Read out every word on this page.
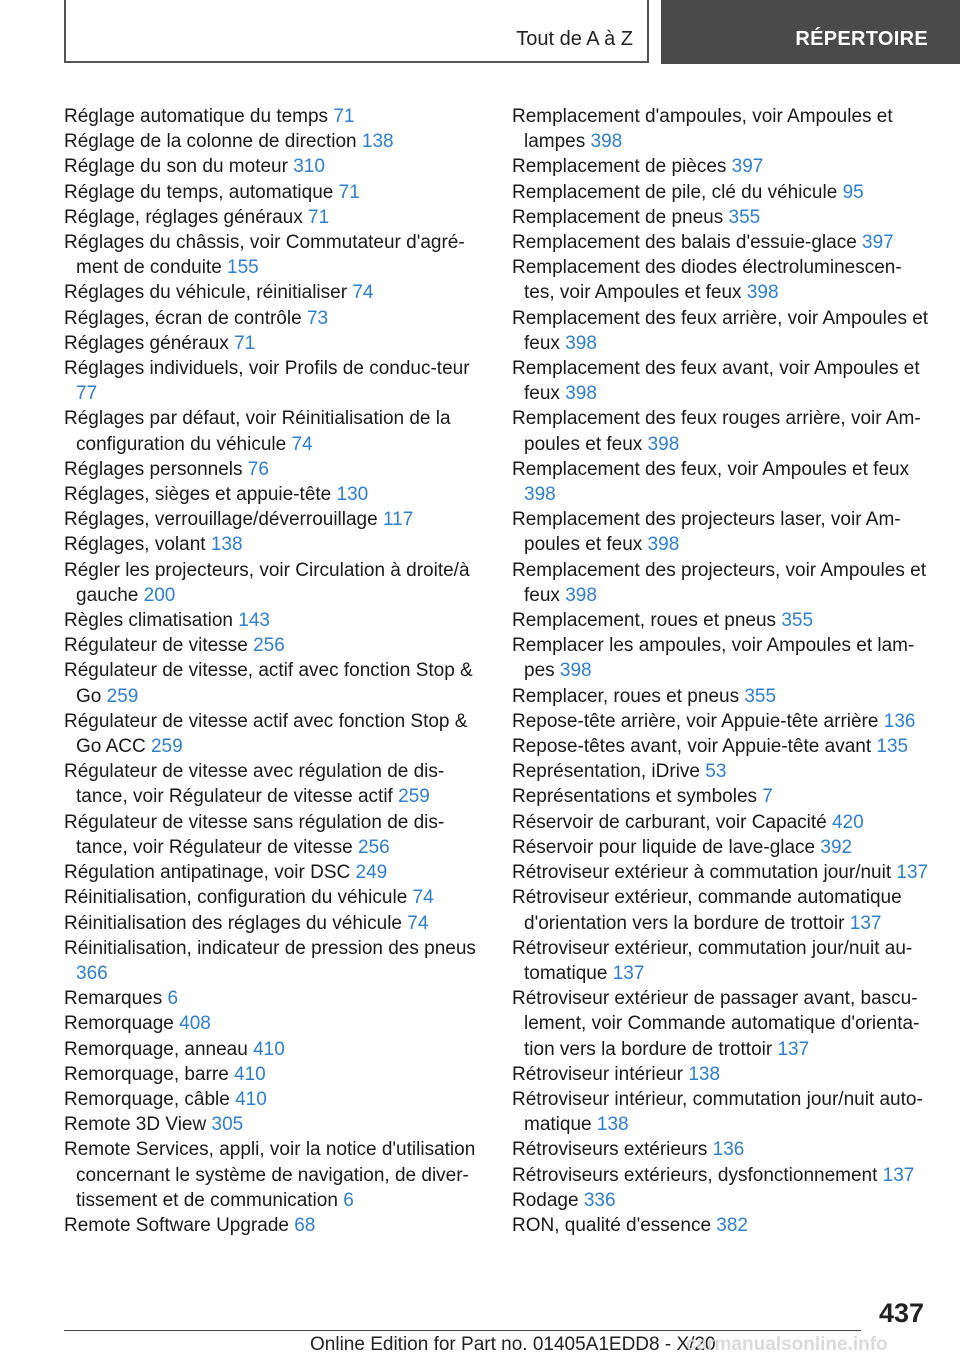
Tout de A à Z	RÉPERTOIRE
Réglage automatique du temps 71
Réglage de la colonne de direction 138
Réglage du son du moteur 310
Réglage du temps, automatique 71
Réglage, réglages généraux 71
Réglages du châssis, voir Commutateur d'agré‐ment de conduite 155
Réglages du véhicule, réinitialiser 74
Réglages, écran de contrôle 73
Réglages généraux 71
Réglages individuels, voir Profils de conduc‐teur 77
Réglages par défaut, voir Réinitialisation de la configuration du véhicule 74
Réglages personnels 76
Réglages, sièges et appuie-tête 130
Réglages, verrouillage/déverrouillage 117
Réglages, volant 138
Régler les projecteurs, voir Circulation à droite/à gauche 200
Règles climatisation 143
Régulateur de vitesse 256
Régulateur de vitesse, actif avec fonction Stop & Go 259
Régulateur de vitesse actif avec fonction Stop & Go ACC 259
Régulateur de vitesse avec régulation de dis‐tance, voir Régulateur de vitesse actif 259
Régulateur de vitesse sans régulation de dis‐tance, voir Régulateur de vitesse 256
Régulation antipatinage, voir DSC 249
Réinitialisation, configuration du véhicule 74
Réinitialisation des réglages du véhicule 74
Réinitialisation, indicateur de pression des pneus 366
Remarques 6
Remorquage 408
Remorquage, anneau 410
Remorquage, barre 410
Remorquage, câble 410
Remote 3D View 305
Remote Services, appli, voir la notice d'utilisation concernant le système de navigation, de diver‐tissement et de communication 6
Remote Software Upgrade 68
Remplacement d'ampoules, voir Ampoules et lampes 398
Remplacement de pièces 397
Remplacement de pile, clé du véhicule 95
Remplacement de pneus 355
Remplacement des balais d'essuie-glace 397
Remplacement des diodes électroluminescen‐tes, voir Ampoules et feux 398
Remplacement des feux arrière, voir Ampoules et feux 398
Remplacement des feux avant, voir Ampoules et feux 398
Remplacement des feux rouges arrière, voir Am‐poules et feux 398
Remplacement des feux, voir Ampoules et feux 398
Remplacement des projecteurs laser, voir Am‐poules et feux 398
Remplacement des projecteurs, voir Ampoules et feux 398
Remplacement, roues et pneus 355
Remplacer les ampoules, voir Ampoules et lam‐pes 398
Remplacer, roues et pneus 355
Repose-tête arrière, voir Appuie-tête arrière 136
Repose-têtes avant, voir Appuie-tête avant 135
Représentation, iDrive 53
Représentations et symboles 7
Réservoir de carburant, voir Capacité 420
Réservoir pour liquide de lave-glace 392
Rétroviseur extérieur à commutation jour/nuit 137
Rétroviseur extérieur, commande automatique d'orientation vers la bordure de trottoir 137
Rétroviseur extérieur, commutation jour/nuit au‐tomatique 137
Rétroviseur extérieur de passager avant, bascu‐lement, voir Commande automatique d'orienta‐tion vers la bordure de trottoir 137
Rétroviseur intérieur 138
Rétroviseur intérieur, commutation jour/nuit auto‐matique 138
Rétroviseurs extérieurs 136
Rétroviseurs extérieurs, dysfonctionnement 137
Rodage 336
RON, qualité d'essence 382
437
Online Edition for Part no. 01405A1EDD8 - X/20
carmanualsonline.info
